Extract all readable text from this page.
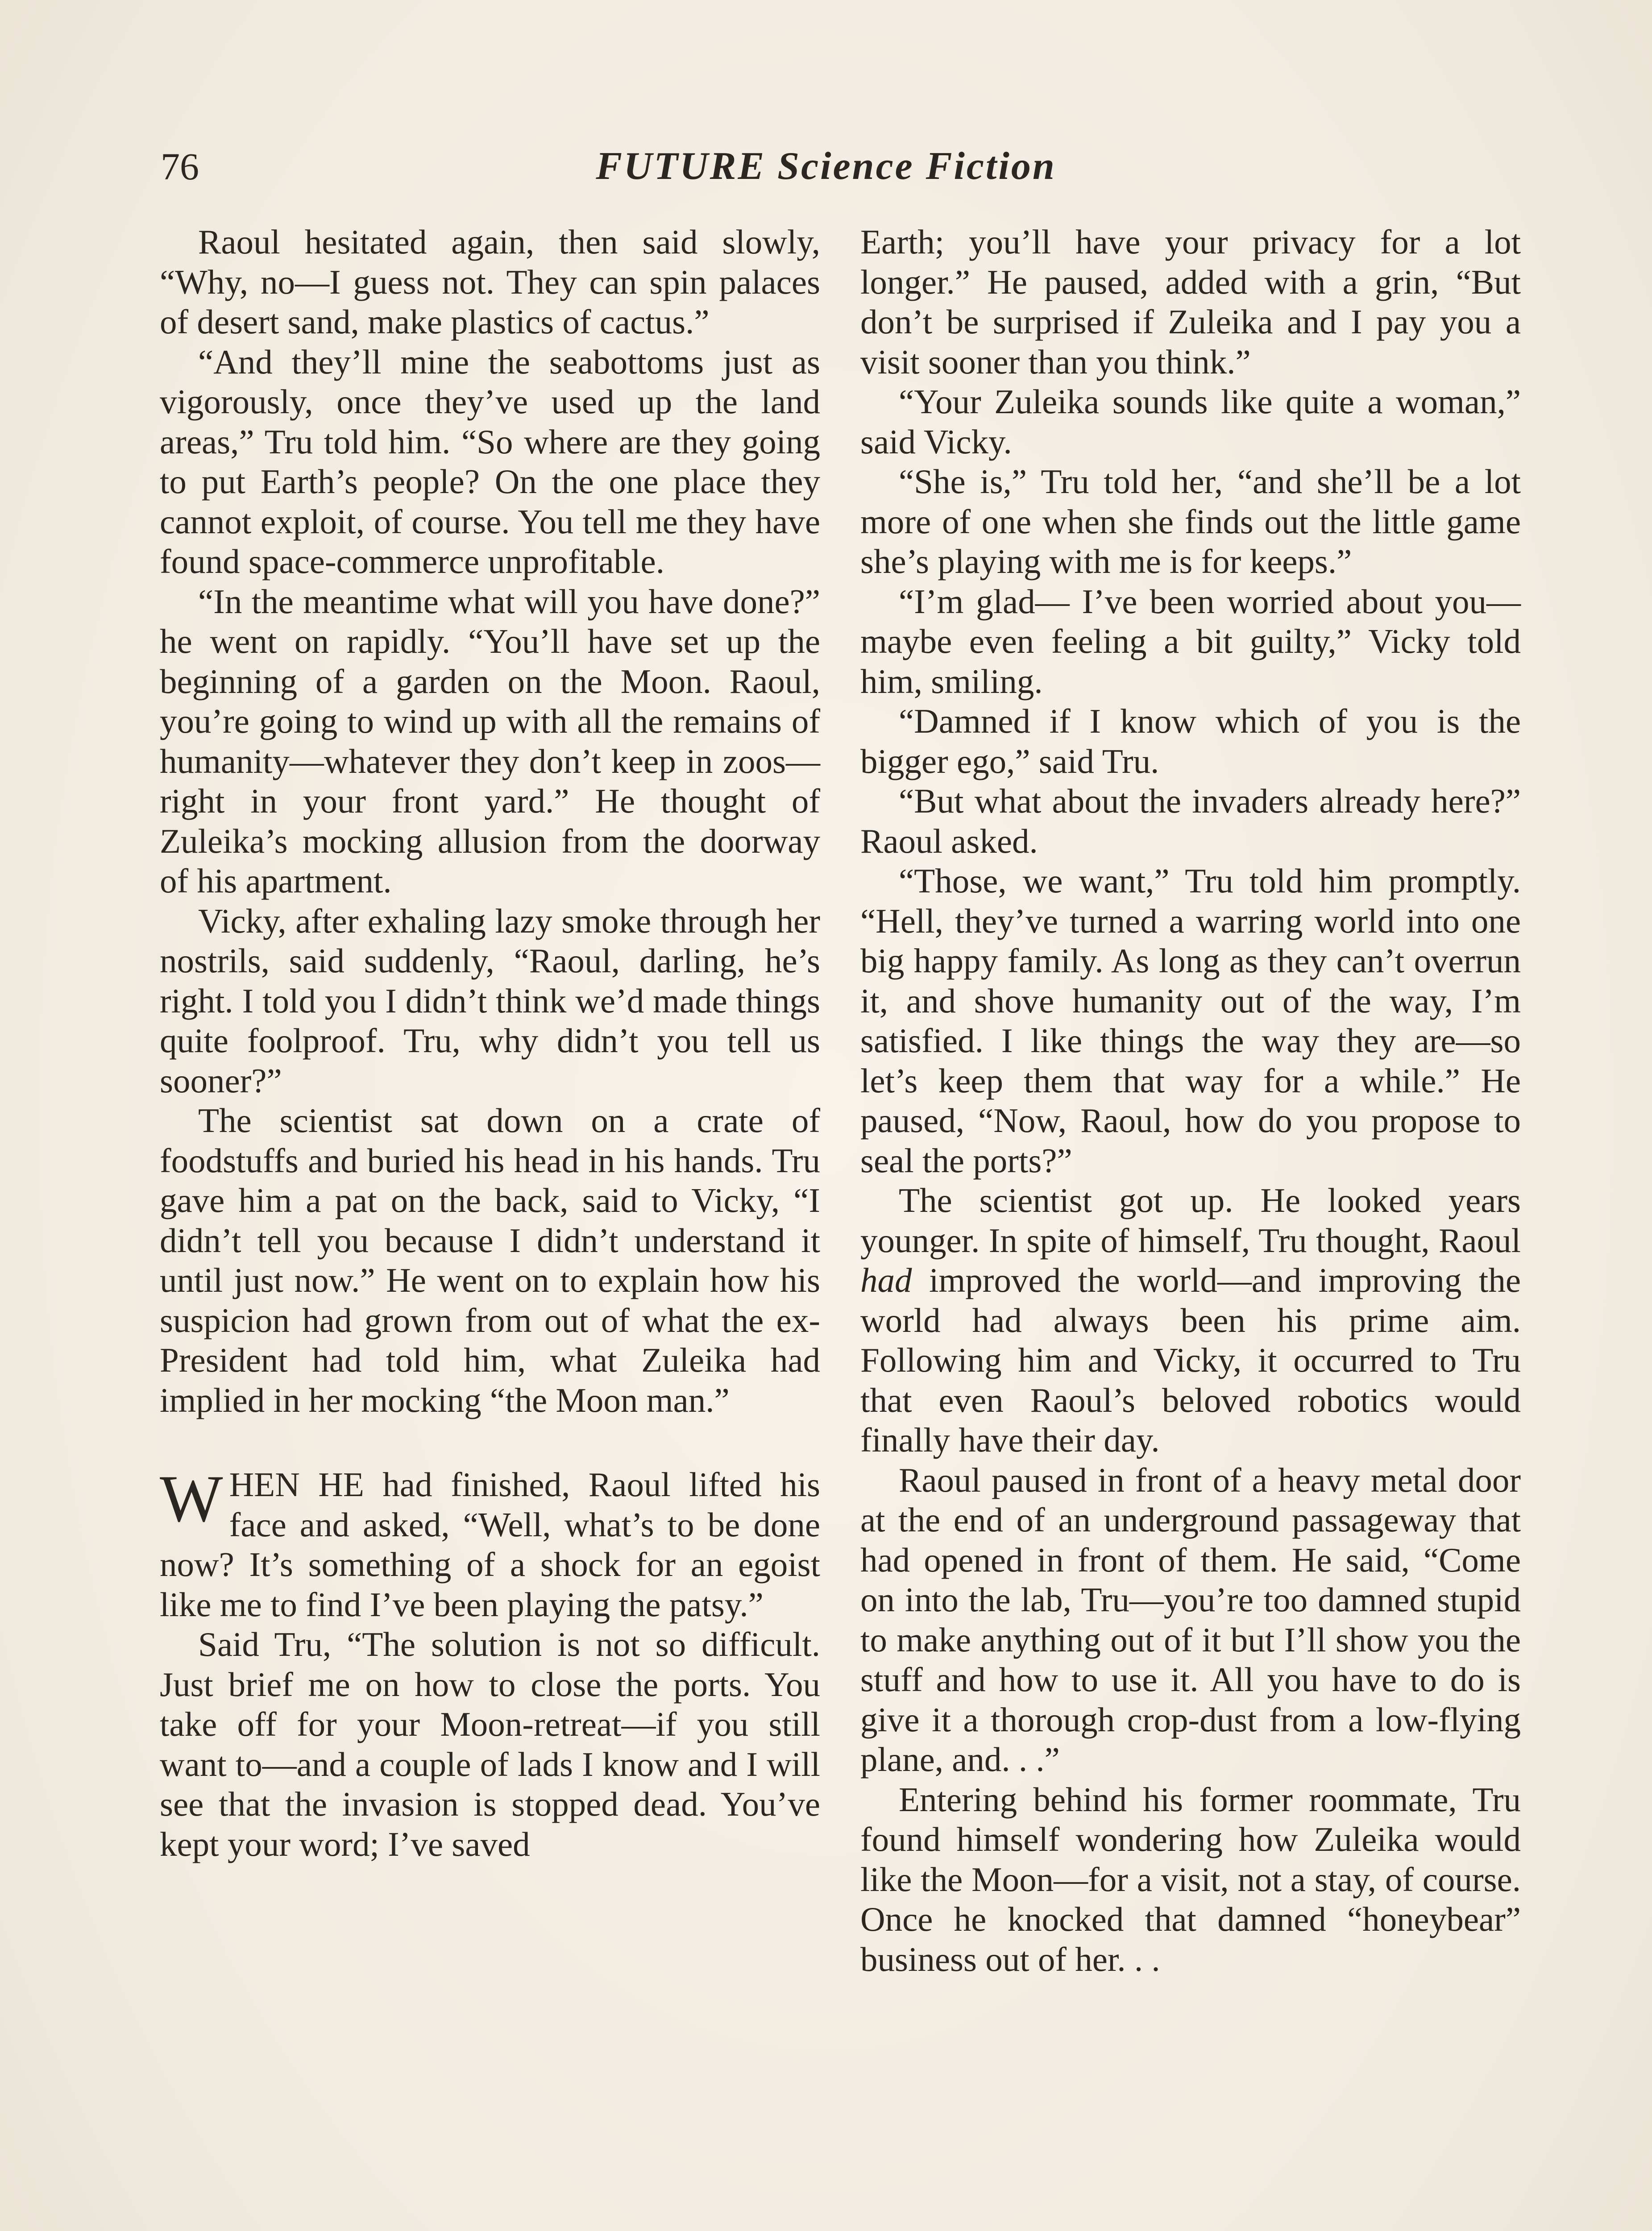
76	FUTURE Science Fiction

Raoul hesitated again, then said slowly, “Why, no—I guess not. They can spin palaces of desert sand, make plastics of cactus.”

“And they’ll mine the seabottoms just as vigorously, once they’ve used up the land areas,” Tru told him. “So where are they going to put Earth’s people? On the one place they cannot exploit, of course. You tell me they have found space-commerce unprofitable.

“In the meantime what will you have done?” he went on rapidly. “You’ll have set up the beginning of a garden on the Moon. Raoul, you’re going to wind up with all the remains of humanity—whatever they don’t keep in zoos—right in your front yard.” He thought of Zuleika’s mocking allusion from the doorway of his apartment.

Vicky, after exhaling lazy smoke through her nostrils, said suddenly, “Raoul, darling, he’s right. I told you I didn’t think we’d made things quite foolproof. Tru, why didn’t you tell us sooner?”

The scientist sat down on a crate of foodstuffs and buried his head in his hands. Tru gave him a pat on the back, said to Vicky, “I didn’t tell you because I didn’t understand it until just now.” He went on to explain how his suspicion had grown from out of what the ex-President had told him, what Zuleika had implied in her mocking “the Moon man.”

WHEN HE had finished, Raoul lifted his face and asked, “Well, what’s to be done now? It’s something of a shock for an egoist like me to find I’ve been playing the patsy.”

Said Tru, “The solution is not so difficult. Just brief me on how to close the ports. You take off for your Moon-retreat—if you still want to—and a couple of lads I know and I will see that the invasion is stopped dead. You’ve kept your word; I’ve saved

Earth; you’ll have your privacy for a lot longer.” He paused, added with a grin, “But don’t be surprised if Zuleika and I pay you a visit sooner than you think.”

“Your Zuleika sounds like quite a woman,” said Vicky.

“She is,” Tru told her, “and she’ll be a lot more of one when she finds out the little game she’s playing with me is for keeps.”

“I’m glad— I’ve been worried about you—maybe even feeling a bit guilty,” Vicky told him, smiling.

“Damned if I know which of you is the bigger ego,” said Tru.

“But what about the invaders already here?” Raoul asked.

“Those, we want,” Tru told him promptly. “Hell, they’ve turned a warring world into one big happy family. As long as they can’t overrun it, and shove humanity out of the way, I’m satisfied. I like things the way they are—so let’s keep them that way for a while.” He paused, “Now, Raoul, how do you propose to seal the ports?”

The scientist got up. He looked years younger. In spite of himself, Tru thought, Raoul had improved the world—and improving the world had always been his prime aim. Following him and Vicky, it occurred to Tru that even Raoul’s beloved robotics would finally have their day.

Raoul paused in front of a heavy metal door at the end of an underground passageway that had opened in front of them. He said, “Come on into the lab, Tru—you’re too damned stupid to make anything out of it but I’ll show you the stuff and how to use it. All you have to do is give it a thorough crop-dust from a low-flying plane, and. . .”

Entering behind his former roommate, Tru found himself wondering how Zuleika would like the Moon—for a visit, not a stay, of course. Once he knocked that damned “honeybear” business out of her. . .
